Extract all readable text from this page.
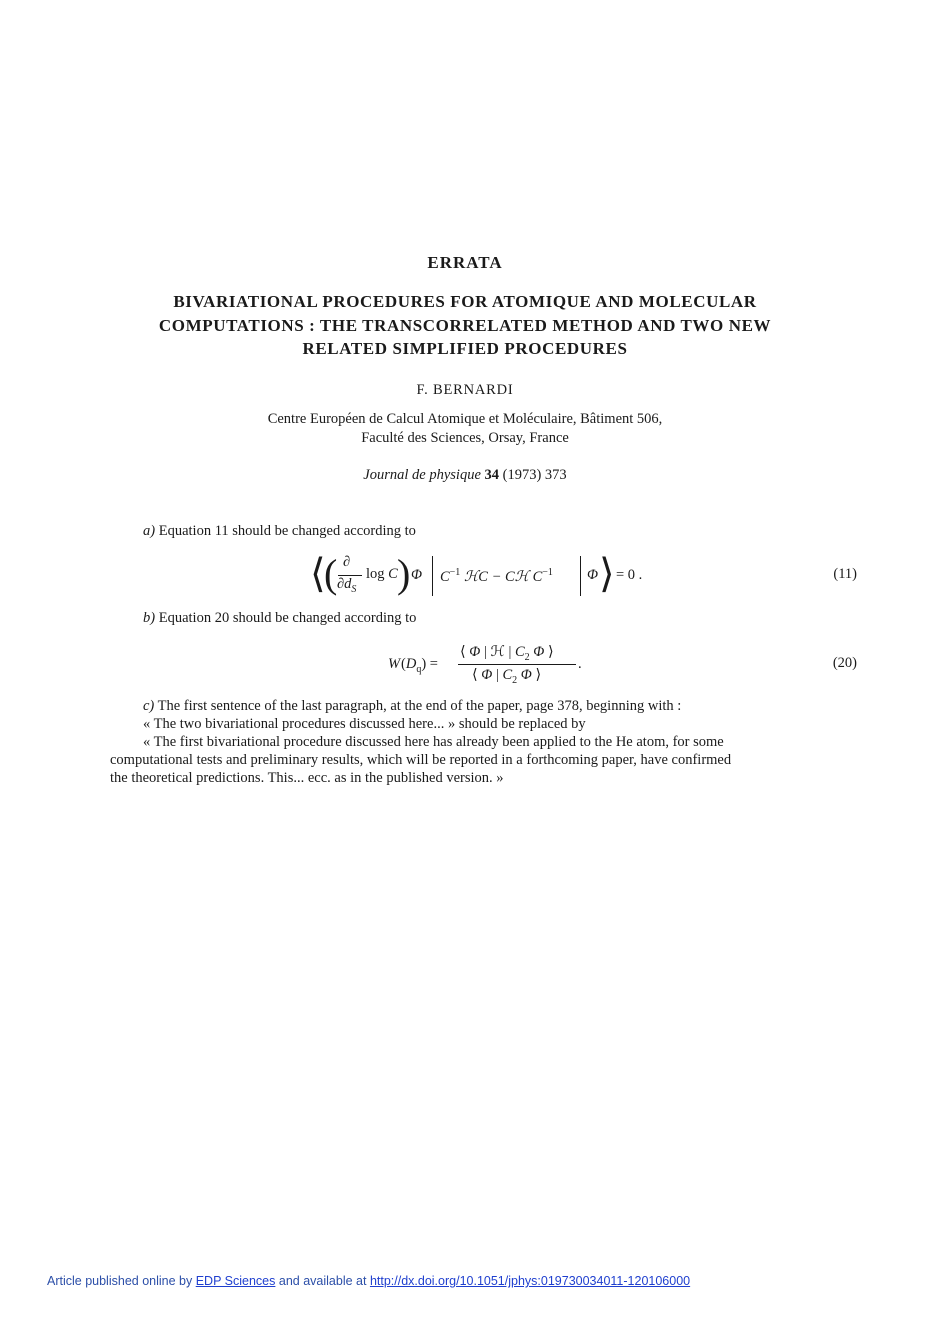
ERRATA
BIVARIATIONAL PROCEDURES FOR ATOMIQUE AND MOLECULAR
COMPUTATIONS : THE TRANSCORRELATED METHOD AND TWO NEW
RELATED SIMPLIFIED PROCEDURES
F. BERNARDI
Centre Européen de Calcul Atomique et Moléculaire, Bâtiment 506,
Faculté des Sciences, Orsay, France
Journal de physique 34 (1973) 373
a) Equation 11 should be changed according to
⟨
( ∂
$\partial d_S$
log C ) Φ $C^{-1}$ ℋC − Cℋ $C^{-1}$ Φ ⟩ = 0 .	(11)
b) Equation 20 should be changed according to
W $(D_q)$ =
⟨ Φ | ℋ | $C_2$ Φ ⟩
⟨ Φ | $C_2$ Φ ⟩
.	(20)
c) The first sentence of the last paragraph, at the end of the paper, page 378, beginning with :
« The two bivariational procedures discussed here... » should be replaced by
« The first bivariational procedure discussed here has already been applied to the He atom, for some
computational tests and preliminary results, which will be reported in a forthcoming paper, have confirmed
the theoretical predictions. This... ecc. as in the published version. »
Article published online by EDP Sciences and available at http://dx.doi.org/10.1051/jphys:019730034011-120106000
